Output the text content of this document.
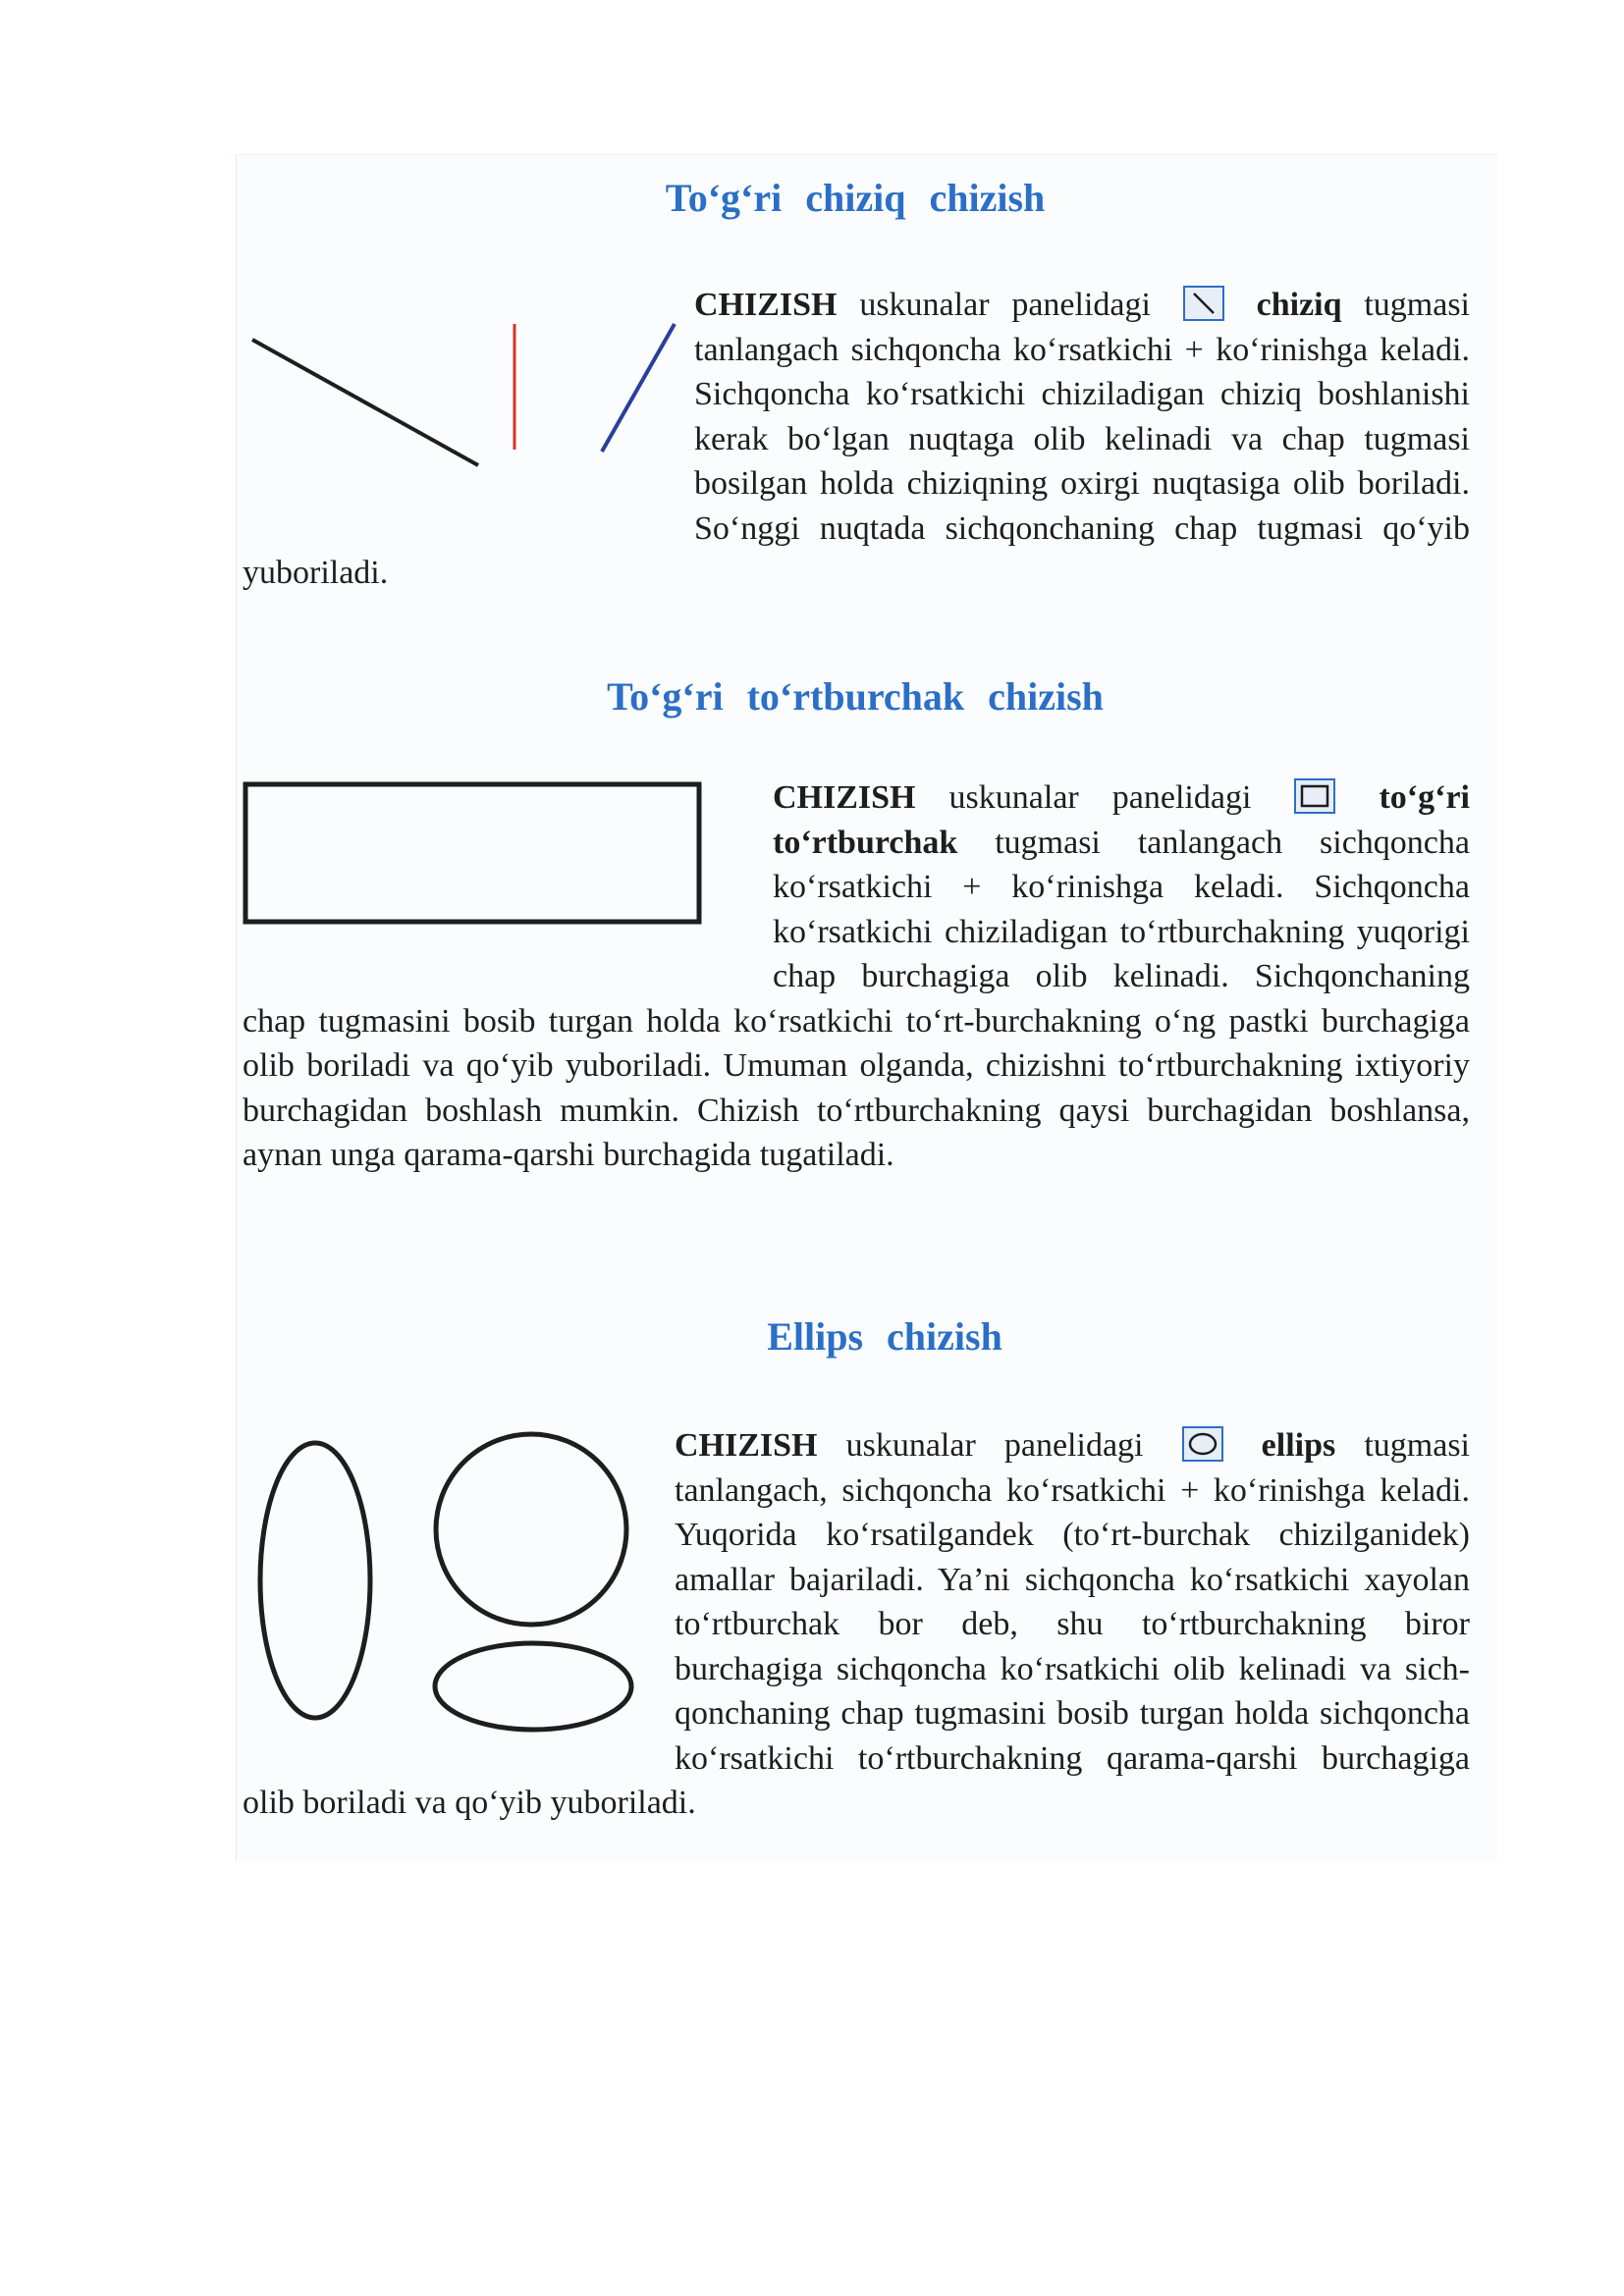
To‘g‘ri chiziq chizish
CHIZISH uskunalar panelidagi	chiziq tugmasi tanlangach sichqoncha ko‘rsatkichi + ko‘rinishga keladi. Sichqoncha ko‘rsatkichi chiziladigan chiziq boshlanishi kerak bo‘lgan nuqtaga olib kelinadi va chap tugmasi bosilgan holda chiziqning oxirgi nuqtasiga olib boriladi. So‘nggi nuqtada sichqonchaning chap tugmasi qo‘yib yuboriladi.
To‘g‘ri to‘rtburchak chizish
CHIZISH uskunalar panelidagi	to‘g‘ri to‘rtburchak tugmasi tanlangach sichqoncha ko‘rsatkichi + ko‘rinishga keladi. Sichqoncha ko‘rsatkichi chiziladigan to‘rtburchakning yuqorigi chap burchagiga olib kelinadi. Sichqonchaning chap tugmasini bosib turgan holda ko‘rsatkichi to‘rt-burchakning o‘ng pastki burchagiga olib boriladi va qo‘yib yuboriladi. Umuman olganda, chizishni to‘rtburchakning ixtiyoriy burchagidan boshlash mumkin. Chizish to‘rtburchakning qaysi burchagidan boshlansa, aynan unga qarama-qarshi burchagida tugatiladi.
Ellips chizish
CHIZISH uskunalar panelidagi	ellips tugmasi tanlangach, sichqoncha ko‘rsatkichi + ko‘rinishga keladi. Yuqorida ko‘rsatilgandek (to‘rt-burchak chizilganidek) amallar bajariladi. Ya’ni sichqoncha ko‘rsatkichi xayolan to‘rtburchak bor deb, shu to‘rtburchakning biror burchagiga sichqoncha ko‘rsatkichi olib kelinadi va sich-qonchaning chap tugmasini bosib turgan holda sichqoncha ko‘rsatkichi to‘rtburchakning qarama-qarshi burchagiga olib boriladi va qo‘yib yuboriladi.
